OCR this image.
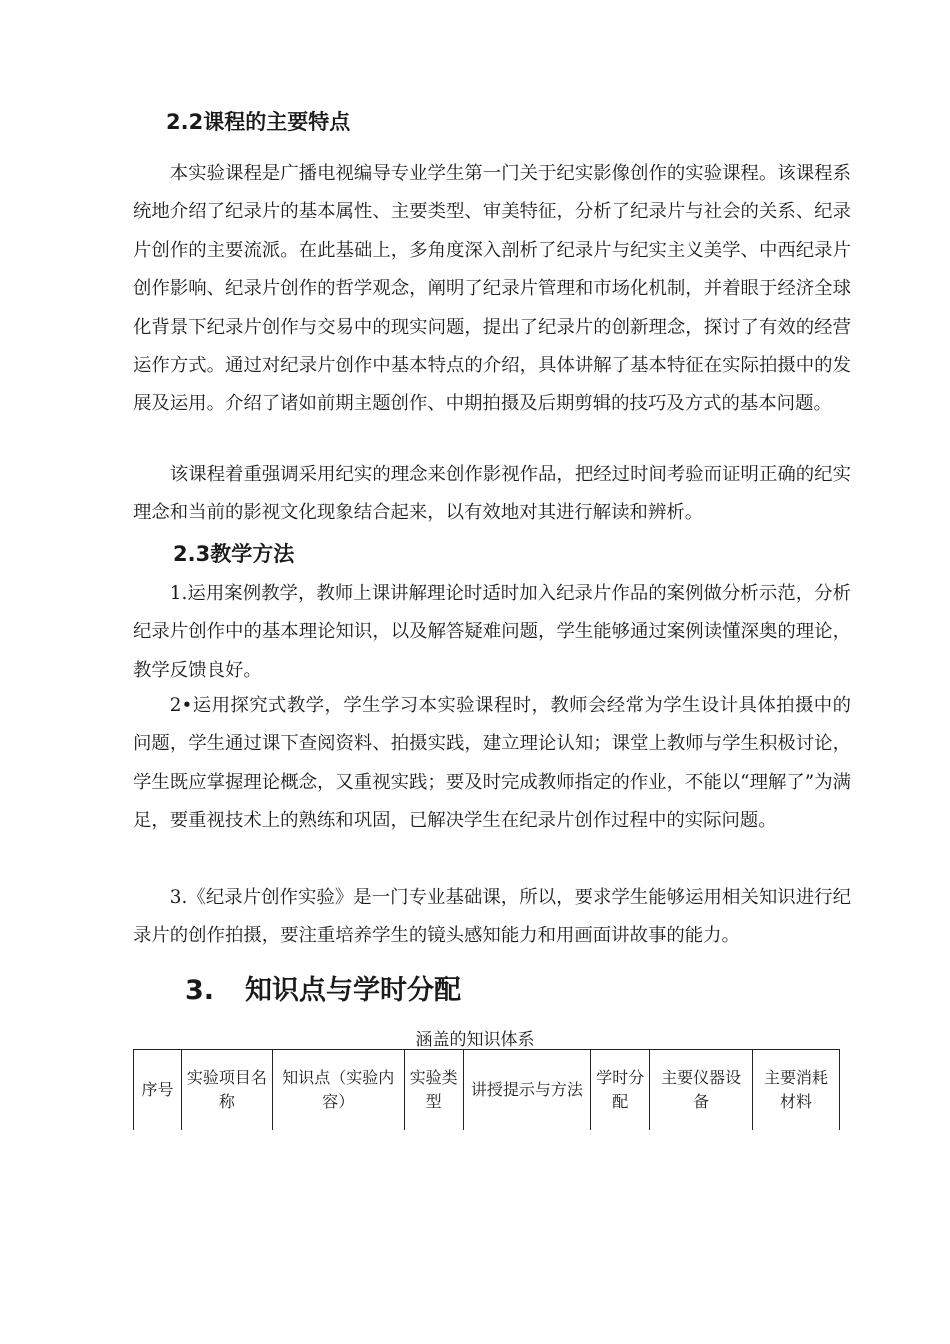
2.2课程的主要特点

本实验课程是广播电视编导专业学生第一门关于纪实影像创作的实验课程。该课程系统地介绍了纪录片的基本属性、主要类型、审美特征，分析了纪录片与社会的关系、纪录片创作的主要流派。在此基础上，多角度深入剖析了纪录片与纪实主义美学、中西纪录片创作影响、纪录片创作的哲学观念，阐明了纪录片管理和市场化机制，并着眼于经济全球化背景下纪录片创作与交易中的现实问题，提出了纪录片的创新理念，探讨了有效的经营运作方式。通过对纪录片创作中基本特点的介绍，具体讲解了基本特征在实际拍摄中的发展及运用。介绍了诸如前期主题创作、中期拍摄及后期剪辑的技巧及方式的基本问题。

该课程着重强调采用纪实的理念来创作影视作品，把经过时间考验而证明正确的纪实理念和当前的影视文化现象结合起来，以有效地对其进行解读和辨析。

2.3教学方法

1.运用案例教学，教师上课讲解理论时适时加入纪录片作品的案例做分析示范，分析纪录片创作中的基本理论知识，以及解答疑难问题，学生能够通过案例读懂深奥的理论，教学反馈良好。

2•运用探究式教学，学生学习本实验课程时，教师会经常为学生设计具体拍摄中的问题，学生通过课下查阅资料、拍摄实践，建立理论认知；课堂上教师与学生积极讨论，学生既应掌握理论概念，又重视实践；要及时完成教师指定的作业，不能以“理解了”为满足，要重视技术上的熟练和巩固，已解决学生在纪录片创作过程中的实际问题。

3.《纪录片创作实验》是一门专业基础课，所以，要求学生能够运用相关知识进行纪录片的创作拍摄，要注重培养学生的镜头感知能力和用画面讲故事的能力。

3. 知识点与学时分配

涵盖的知识体系

序号	实验项目名称	知识点（实验内容）	实验类型	讲授提示与方法	学时分配	主要仪器设备	主要消耗材料
